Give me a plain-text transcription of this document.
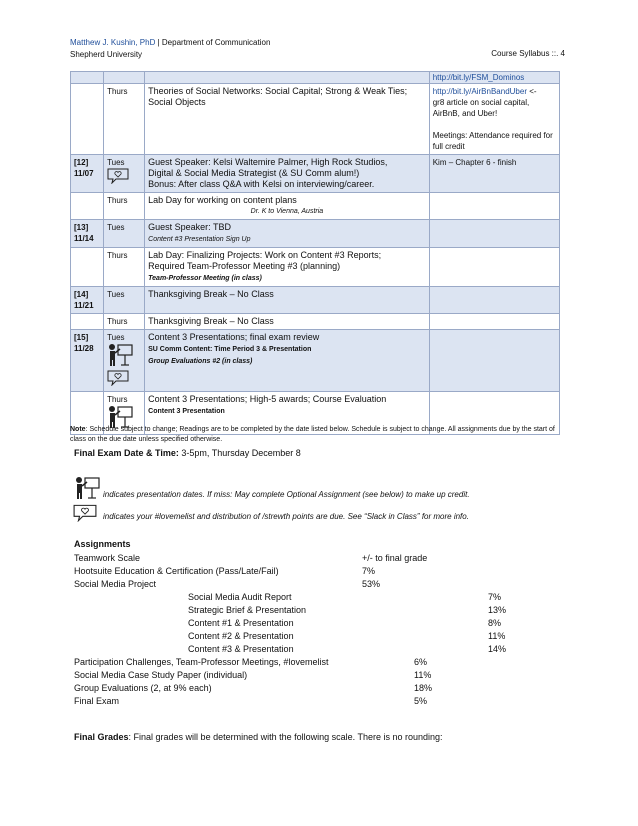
Matthew J. Kushin, PhD | Department of Communication
Shepherd University	Course Syllabus ::. 4
			http://bit.ly/FSM_Dominos
	Thurs	Theories of Social Networks: Social Capital; Strong & Weak Ties; Social Objects	http://bit.ly/AirBnBandUber <-
gr8 article on social capital, AirBnB, and Uber!

Meetings: Attendance required for full credit
[12]
11/07	Tues	Guest Speaker: Kelsi Waltemire Palmer, High Rock Studios,
Digital & Social Media Strategist (& SU Comm alum!)
Bonus: After class Q&A with Kelsi on interviewing/career.	Kim – Chapter 6 - finish
	Thurs	Lab Day for working on content plans
Dr. K to Vienna, Austria	

[13]
11/14	Tues	Guest Speaker: TBD
Content #3 Presentation Sign Up	
	Thurs	Lab Day: Finalizing Projects: Work on Content #3 Reports;
Required Team-Professor Meeting #3 (planning)
Team-Professor Meeting (in class)	
[14]
11/21	Tues	Thanksgiving Break – No Class	
	Thurs	Thanksgiving Break – No Class	
[15]
11/28	Tues	Content 3 Presentations; final exam review
SU Comm Content: Time Period 3 & Presentation
Group Evaluations #2 (in class)	
	Thurs	Content 3 Presentations; High-5 awards; Course Evaluation
Content 3 Presentation	
Note: Schedule subject to change; Readings are to be completed by the date listed below. Schedule is subject to change. All assignments due by the start of class on the due date unless specified otherwise.
Final Exam Date & Time: 3-5pm, Thursday December 8
indicates presentation dates. If miss: May complete Optional Assignment (see below) to make up credit.
indicates your #lovemelist and distribution of /strewth points are due. See “Slack in Class” for more info.
Assignments
Teamwork Scale	+/- to final grade
Hootsuite Education & Certification (Pass/Late/Fail)	7%
Social Media Project	53%
Social Media Audit Report	7%
Strategic Brief & Presentation	13%
Content #1 & Presentation	8%
Content #2 & Presentation	11%
Content #3 & Presentation	14%
Participation Challenges, Team-Professor Meetings, #lovemelist	6%
Social Media Case Study Paper (individual)	11%
Group Evaluations (2, at 9% each)	18%
Final Exam	5%
Final Grades: Final grades will be determined with the following scale. There is no rounding:
